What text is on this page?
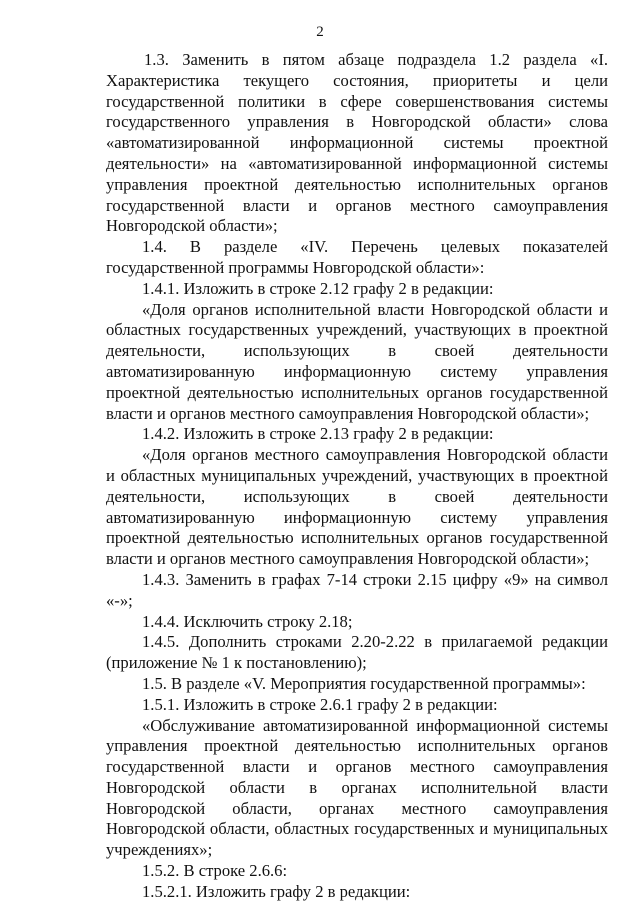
2

1.3. Заменить в пятом абзаце подраздела 1.2 раздела «I. Характеристика текущего состояния, приоритеты и цели государственной политики в сфере совершенствования системы государственного управления в Новгородской области» слова «автоматизированной информационной системы проектной деятельности» на «автоматизированной информационной системы управления проектной деятельностью исполнительных органов государственной власти и органов местного самоуправления Новгородской области»;

1.4. В разделе «IV. Перечень целевых показателей государственной программы Новгородской области»:

1.4.1. Изложить в строке 2.12 графу 2 в редакции:

«Доля органов исполнительной власти Новгородской области и областных государственных учреждений, участвующих в проектной деятельности, использующих в своей деятельности автоматизированную информационную систему управления проектной деятельностью исполнительных органов государственной власти и органов местного самоуправления Новгородской области»;

1.4.2. Изложить в строке 2.13 графу 2 в редакции:

«Доля органов местного самоуправления Новгородской области и областных муниципальных учреждений, участвующих в проектной деятельности, использующих в своей деятельности автоматизированную информационную систему управления проектной деятельностью исполнительных органов государственной власти и органов местного самоуправления Новгородской области»;

1.4.3. Заменить в графах 7-14 строки 2.15 цифру «9» на символ «-»;

1.4.4. Исключить строку 2.18;

1.4.5. Дополнить строками 2.20-2.22 в прилагаемой редакции (приложение № 1 к постановлению);

1.5. В разделе «V. Мероприятия государственной программы»:

1.5.1. Изложить в строке 2.6.1 графу 2 в редакции:

«Обслуживание автоматизированной информационной системы управления проектной деятельностью исполнительных органов государственной власти и органов местного самоуправления Новгородской области в органах исполнительной власти Новгородской области, органах местного самоуправления Новгородской области, областных государственных и муниципальных учреждениях»;

1.5.2. В строке 2.6.6:

1.5.2.1. Изложить графу 2 в редакции:
